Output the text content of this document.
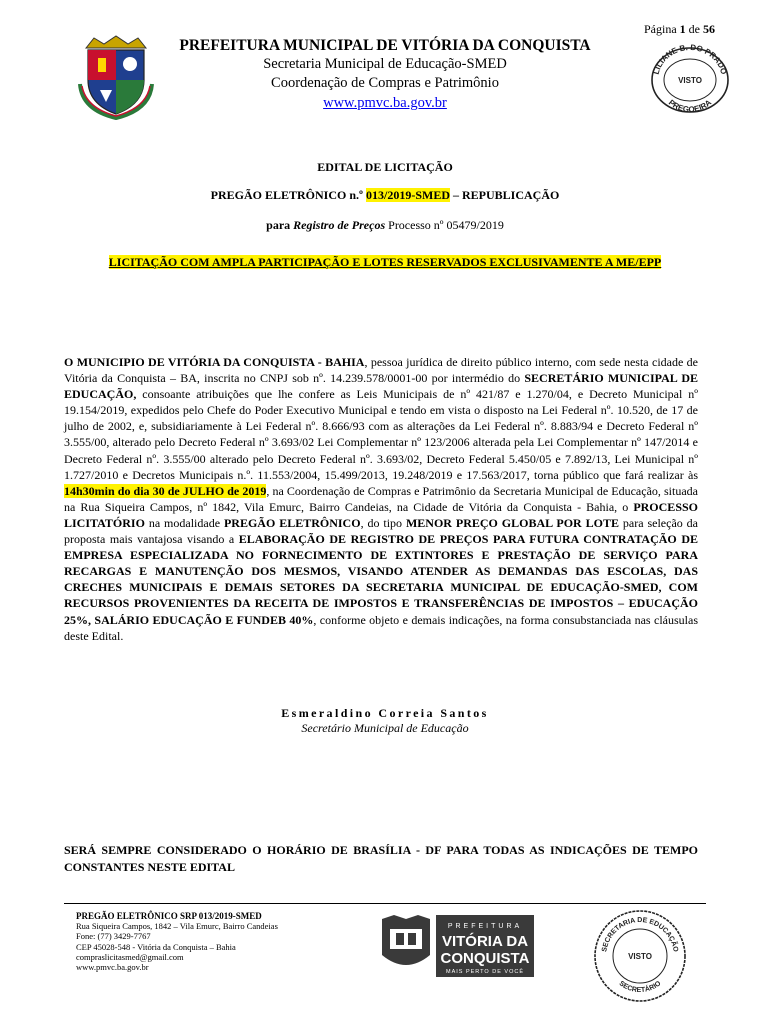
Página 1 de 56
PREFEITURA MUNICIPAL DE VITÓRIA DA CONQUISTA
Secretaria Municipal de Educação-SMED
Coordenação de Compras e Patrimônio
www.pmvc.ba.gov.br
LILIANE B. DO PRADO
VISTO
PREGOEIRA
EDITAL DE LICITAÇÃO
PREGÃO ELETRÔNICO n.º 013/2019-SMED – REPUBLICAÇÃO
para Registro de Preços Processo nº 05479/2019
LICITAÇÃO COM AMPLA PARTICIPAÇÃO E LOTES RESERVADOS EXCLUSIVAMENTE A ME/EPP
O MUNICIPIO DE VITÓRIA DA CONQUISTA - BAHIA, pessoa jurídica de direito público interno, com sede nesta cidade de Vitória da Conquista – BA, inscrita no CNPJ sob nº. 14.239.578/0001-00 por intermédio do SECRETÁRIO MUNICIPAL DE EDUCAÇÃO, consoante atribuições que lhe confere as Leis Municipais de nº 421/87 e 1.270/04, e Decreto Municipal nº 19.154/2019, expedidos pelo Chefe do Poder Executivo Municipal e tendo em vista o disposto na Lei Federal nº. 10.520, de 17 de julho de 2002, e, subsidiariamente à Lei Federal nº. 8.666/93 com as alterações da Lei Federal nº. 8.883/94 e Decreto Federal nº 3.555/00, alterado pelo Decreto Federal nº 3.693/02 Lei Complementar nº 123/2006 alterada pela Lei Complementar nº 147/2014 e Decreto Federal nº. 3.555/00 alterado pelo Decreto Federal nº. 3.693/02, Decreto Federal 5.450/05 e 7.892/13, Lei Municipal nº 1.727/2010 e Decretos Municipais n.º. 11.553/2004, 15.499/2013, 19.248/2019 e 17.563/2017, torna público que fará realizar às 14h30min do dia 30 de JULHO de 2019, na Coordenação de Compras e Patrimônio da Secretaria Municipal de Educação, situada na Rua Siqueira Campos, nº 1842, Vila Emurc, Bairro Candeias, na Cidade de Vitória da Conquista - Bahia, o PROCESSO LICITATÓRIO na modalidade PREGÃO ELETRÔNICO, do tipo MENOR PREÇO GLOBAL POR LOTE para seleção da proposta mais vantajosa visando a ELABORAÇÃO DE REGISTRO DE PREÇOS PARA FUTURA CONTRATAÇÃO DE EMPRESA ESPECIALIZADA NO FORNECIMENTO DE EXTINTORES E PRESTAÇÃO DE SERVIÇO PARA RECARGAS E MANUTENÇÃO DOS MESMOS, VISANDO ATENDER AS DEMANDAS DAS ESCOLAS, DAS CRECHES MUNICIPAIS E DEMAIS SETORES DA SECRETARIA MUNICIPAL DE EDUCAÇÃO-SMED, COM RECURSOS PROVENIENTES DA RECEITA DE IMPOSTOS E TRANSFERÊNCIAS DE IMPOSTOS – EDUCAÇÃO 25%, SALÁRIO EDUCAÇÃO E FUNDEB 40%, conforme objeto e demais indicações, na forma consubstanciada nas cláusulas deste Edital.
Esmeraldino Correia Santos
Secretário Municipal de Educação
SERÁ SEMPRE CONSIDERADO O HORÁRIO DE BRASÍLIA - DF PARA TODAS AS INDICAÇÕES DE TEMPO CONSTANTES NESTE EDITAL
PREGÃO ELETRÔNICO SRP 013/2019-SMED
Rua Siqueira Campos, 1842 – Vila Emurc, Bairro Candeias
Fone: (77) 3429-7767
CEP 45028-548 - Vitória da Conquista – Bahia
compraslicitasmed@gmail.com
www.pmvc.ba.gov.br
PREFEITURA
VITÓRIA DA
CONQUISTA
MAIS PERTO DE VOCÊ
SECRETARIA DE EDUCAÇÃO
VISTO
SECRETÁRIO
